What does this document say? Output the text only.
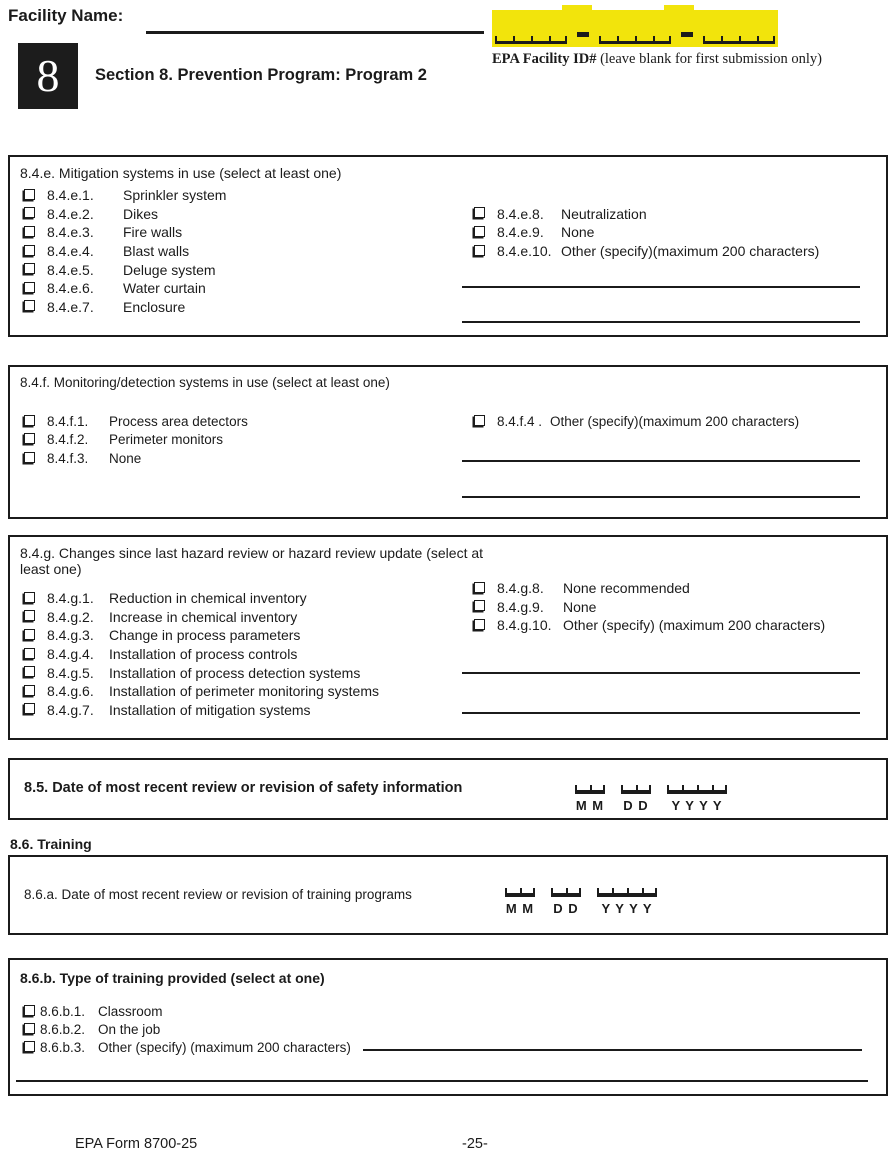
Facility Name:
EPA Facility ID# (leave blank for first submission only)
8	Section 8. Prevention Program: Program 2
8.4.e. Mitigation systems in use (select at least one)
8.4.e.1.	Sprinkler system
8.4.e.2.	Dikes
8.4.e.3.	Fire walls
8.4.e.4.	Blast walls
8.4.e.5.	Deluge system
8.4.e.6.	Water curtain
8.4.e.7.	Enclosure
8.4.e.8.	Neutralization
8.4.e.9.	None
8.4.e.10. Other (specify)(maximum 200 characters)
8.4.f. Monitoring/detection systems in use (select at least one)
8.4.f.1.	Process area detectors
8.4.f.2.	Perimeter monitors
8.4.f.3.	None
8.4.f.4 . Other (specify)(maximum 200 characters)
8.4.g. Changes since last hazard review or hazard review update (select at least one)
8.4.g.1.	Reduction in chemical inventory
8.4.g.2.	Increase in chemical inventory
8.4.g.3.	Change in process parameters
8.4.g.4.	Installation of process controls
8.4.g.5.	Installation of process detection systems
8.4.g.6.	Installation of perimeter monitoring systems
8.4.g.7.	Installation of mitigation systems
8.4.g.8.	None recommended
8.4.g.9.	None
8.4.g.10. Other (specify) (maximum 200 characters)
8.5. Date of most recent review or revision of safety information
M M D D Y Y Y Y
8.6. Training
8.6.a. Date of most recent review or revision of training programs
M M D D Y Y Y Y
8.6.b. Type of training provided (select at one)
8.6.b.1. Classroom
8.6.b.2. On the job
8.6.b.3. Other (specify) (maximum 200 characters)
EPA Form 8700-25	-25-
